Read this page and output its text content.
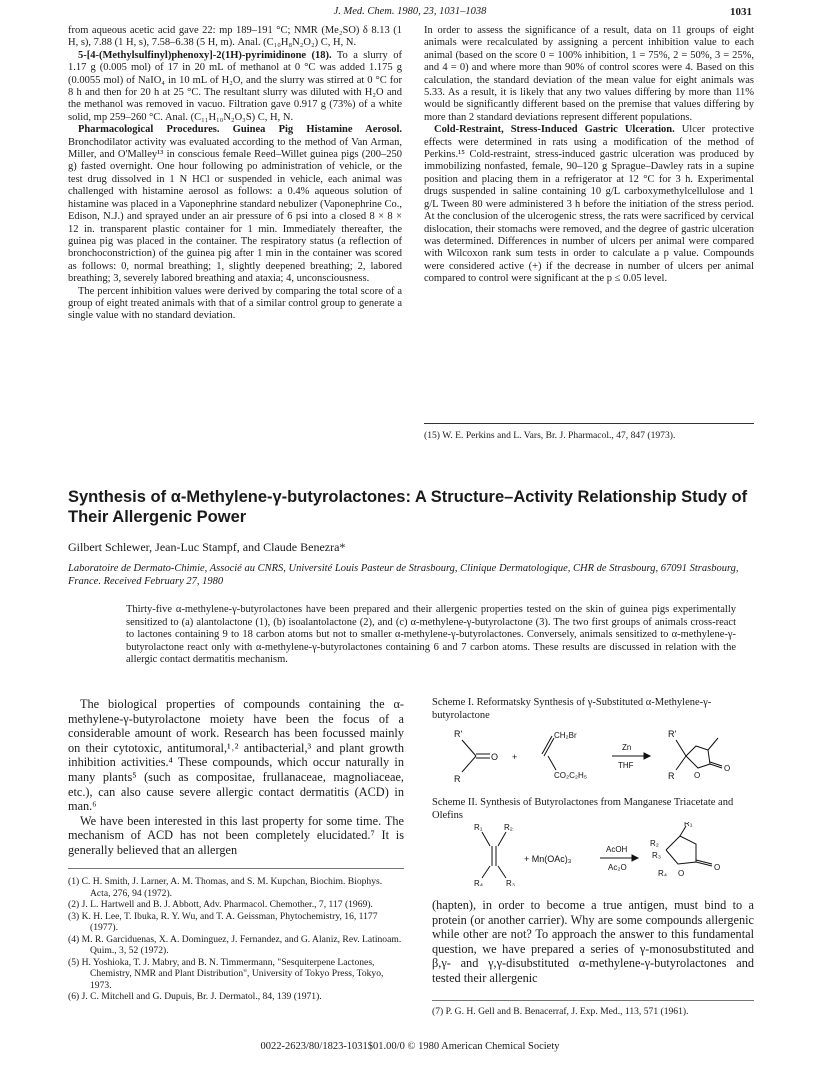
J. Med. Chem. 1980, 23, 1031–1038	1031

from aqueous acetic acid gave 22: mp 189–191 °C; NMR (Me₂SO) δ 8.13 (1 H, s), 7.88 (1 H, s), 7.58–6.38 (5 H, m). Anal. (C₁₀H₈N₂O₂) C, H, N.

5-[4-(Methylsulfinyl)phenoxy]-2(1H)-pyrimidinone (18). To a slurry of 1.17 g (0.005 mol) of 17 in 20 mL of methanol at 0 °C was added 1.175 g (0.0055 mol) of NaIO₄ in 10 mL of H₂O, and the slurry was stirred at 0 °C for 8 h and then for 20 h at 25 °C. The resultant slurry was diluted with H₂O and the methanol was removed in vacuo. Filtration gave 0.917 g (73%) of a white solid, mp 259–260 °C. Anal. (C₁₁H₁₀N₂O₃S) C, H, N.

Pharmacological Procedures. Guinea Pig Histamine Aerosol. Bronchodilator activity was evaluated according to the method of Van Arman, Miller, and O'Malley¹³ in conscious female Reed–Willet guinea pigs (200–250 g) fasted overnight. One hour following po administration of vehicle, or the test drug dissolved in 1 N HCl or suspended in vehicle, each animal was challenged with histamine aerosol as follows: a 0.4% aqueous solution of histamine was placed in a Vaponephrine standard nebulizer (Vaponephrine Co., Edison, N.J.) and sprayed under an air pressure of 6 psi into a closed 8 × 8 × 12 in. transparent plastic container for 1 min. Immediately thereafter, the guinea pig was placed in the container. The respiratory status (a reflection of bronchoconstriction) of the guinea pig after 1 min in the container was scored as follows: 0, normal breathing; 1, slightly deepened breathing; 2, labored breathing; 3, severely labored breathing and ataxia; 4, unconsciousness.

The percent inhibition values were derived by comparing the total score of a group of eight treated animals with that of a similar control group to generate a single value with no standard deviation.

In order to assess the significance of a result, data on 11 groups of eight animals were recalculated by assigning a percent inhibition value to each animal (based on the score 0 = 100% inhibition, 1 = 75%, 2 = 50%, 3 = 25%, and 4 = 0) and where more than 90% of control scores were 4. Based on this calculation, the standard deviation of the mean value for eight animals was 5.33. As a result, it is likely that any two values differing by more than 11% would be significantly different based on the premise that values differing by more than 2 standard deviations represent different populations.

Cold-Restraint, Stress-Induced Gastric Ulceration. Ulcer protective effects were determined in rats using a modification of the method of Perkins.¹⁵ Cold-restraint, stress-induced gastric ulceration was produced by immobilizing nonfasted, female, 90–120 g Sprague–Dawley rats in a supine position and placing them in a refrigerator at 12 °C for 3 h. Experimental drugs suspended in saline containing 10 g/L carboxymethylcellulose and 1 g/L Tween 80 were administered 3 h before the initiation of the stress period. At the conclusion of the ulcerogenic stress, the rats were sacrificed by cervical dislocation, their stomachs were removed, and the degree of gastric ulceration was determined. Differences in number of ulcers per animal were compared with Wilcoxon rank sum tests in order to calculate a p value. Compounds were considered active (+) if the decrease in number of ulcers per animal compared to control were significant at the p ≤ 0.05 level.

(15) W. E. Perkins and L. Vars, Br. J. Pharmacol., 47, 847 (1973).
Synthesis of α-Methylene-γ-butyrolactones: A Structure–Activity Relationship Study of Their Allergenic Power
Gilbert Schlewer, Jean-Luc Stampf, and Claude Benezra*
Laboratoire de Dermato-Chimie, Associé au CNRS, Université Louis Pasteur de Strasbourg, Clinique Dermatologique, CHR de Strasbourg, 67091 Strasbourg, France. Received February 27, 1980
Thirty-five α-methylene-γ-butyrolactones have been prepared and their allergenic properties tested on the skin of guinea pigs experimentally sensitized to (a) alantolactone (1), (b) isoalantolactone (2), and (c) α-methylene-γ-butyrolactone (3). The two first groups of animals cross-react to lactones containing 9 to 18 carbon atoms but not to smaller α-methylene-γ-butyrolactones. Conversely, animals sensitized to α-methylene-γ-butyrolactone react only with α-methylene-γ-butyrolactones containing 6 and 7 carbon atoms. These results are discussed in relation with the allergic contact dermatitis mechanism.

The biological properties of compounds containing the α-methylene-γ-butyrolactone moiety have been the focus of a considerable amount of work. Research has been focussed mainly on their cytotoxic, antitumoral,¹˒² antibacterial,³ and plant growth inhibition activities.⁴ These compounds, which occur naturally in many plants⁵ (such as compositae, frullanaceae, magnoliaceae, etc.), can also cause severe allergic contact dermatitis (ACD) in man.⁶

We have been interested in this last property for some time. The mechanism of ACD has not been completely elucidated.⁷ It is generally believed that an allergen

(1) C. H. Smith, J. Larner, A. M. Thomas, and S. M. Kupchan, Biochim. Biophys. Acta, 276, 94 (1972).
(2) J. L. Hartwell and B. J. Abbott, Adv. Pharmacol. Chemother., 7, 117 (1969).
(3) K. H. Lee, T. Ibuka, R. Y. Wu, and T. A. Geissman, Phytochemistry, 16, 1177 (1977).
(4) M. R. Garciduenas, X. A. Dominguez, J. Fernandez, and G. Alaniz, Rev. Latinoam. Quim., 3, 52 (1972).
(5) H. Yoshioka, T. J. Mabry, and B. N. Timmermann, "Sesquiterpene Lactones, Chemistry, NMR and Plant Distribution", University of Tokyo Press, Tokyo, 1973.
(6) J. C. Mitchell and G. Dupuis, Br. J. Dermatol., 84, 139 (1971).
Scheme I. Reformatsky Synthesis of γ-Substituted α-Methylene-γ-butyrolactone
R'
R
O +
CH₂Br
CO₂C₂H₅
Zn
THF
R'
R O
O
Scheme II. Synthesis of Butyrolactones from Manganese Triacetate and Olefins
R₁	R₂
R₄	R₃
+ Mn(OAc)₃
AcOH
Ac₂O
R₁
R₂
R₃
R₄ O
O

(hapten), in order to become a true antigen, must bind to a protein (or another carrier). Why are some compounds allergenic while other are not? To approach the answer to this fundamental question, we have prepared a series of γ-monosubstituted and β,γ- and γ,γ-disubstituted α-methylene-γ-butyrolactones and tested their allergenic

(7) P. G. H. Gell and B. Benacerraf, J. Exp. Med., 113, 571 (1961).
0022-2623/80/1823-1031$01.00/0 © 1980 American Chemical Society
